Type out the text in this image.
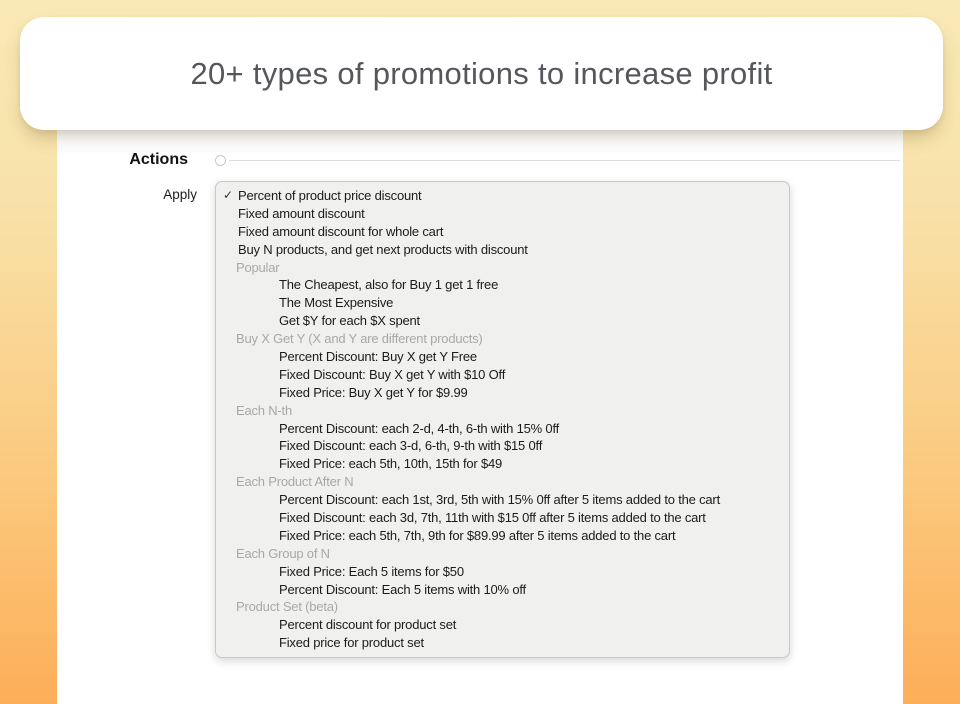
20+ types of promotions to increase profit
Actions
Apply ✓ Percent of product price discount
Fixed amount discount
Fixed amount discount for whole cart
Buy N products, and get next products with discount
Popular
The Cheapest, also for Buy 1 get 1 free
The Most Expensive
Get $Y for each $X spent
Buy X Get Y (X and Y are different products)
Percent Discount: Buy X get Y Free
Fixed Discount: Buy X get Y with $10 Off
Fixed Price: Buy X get Y for $9.99
Each N-th
Percent Discount: each 2-d, 4-th, 6-th with 15% 0ff
Fixed Discount: each 3-d, 6-th, 9-th with $15 0ff
Fixed Price: each 5th, 10th, 15th for $49
Each Product After N
Percent Discount: each 1st, 3rd, 5th with 15% 0ff after 5 items added to the cart
Fixed Discount: each 3d, 7th, 11th with $15 0ff after 5 items added to the cart
Fixed Price: each 5th, 7th, 9th for $89.99 after 5 items added to the cart
Each Group of N
Fixed Price: Each 5 items for $50
Percent Discount: Each 5 items with 10% off
Product Set (beta)
Percent discount for product set
Fixed price for product set
